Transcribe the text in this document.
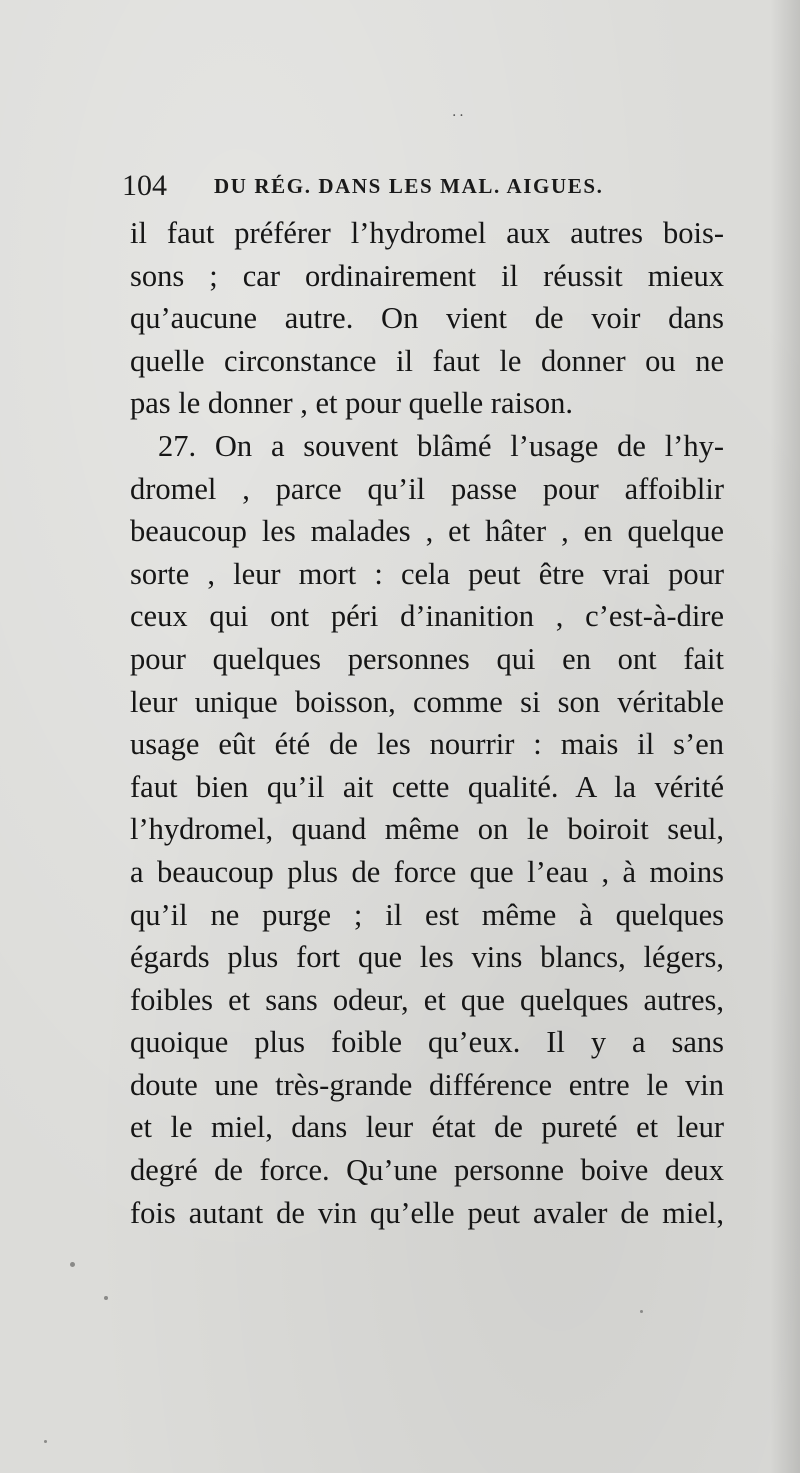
· ·
104 DU RÉG. DANS LES MAL. AIGUES.
il faut préférer l’hydromel aux autres bois-
sons ; car ordinairement il réussit mieux
qu’aucune autre. On vient de voir dans
quelle circonstance il faut le donner ou ne
pas le donner , et pour quelle raison.
27. On a souvent blâmé l’usage de l’hy-
dromel , parce qu’il passe pour affoiblir
beaucoup les malades , et hâter , en quelque
sorte , leur mort : cela peut être vrai pour
ceux qui ont péri d’inanition , c’est-à-dire
pour quelques personnes qui en ont fait
leur unique boisson, comme si son véritable
usage eût été de les nourrir : mais il s’en
faut bien qu’il ait cette qualité. A la vérité
l’hydromel, quand même on le boiroit seul,
a beaucoup plus de force que l’eau , à moins
qu’il ne purge ; il est même à quelques
égards plus fort que les vins blancs, légers,
foibles et sans odeur, et que quelques autres,
quoique plus foible qu’eux. Il y a sans
doute une très-grande différence entre le vin
et le miel, dans leur état de pureté et leur
degré de force. Qu’une personne boive deux
fois autant de vin qu’elle peut avaler de miel,
